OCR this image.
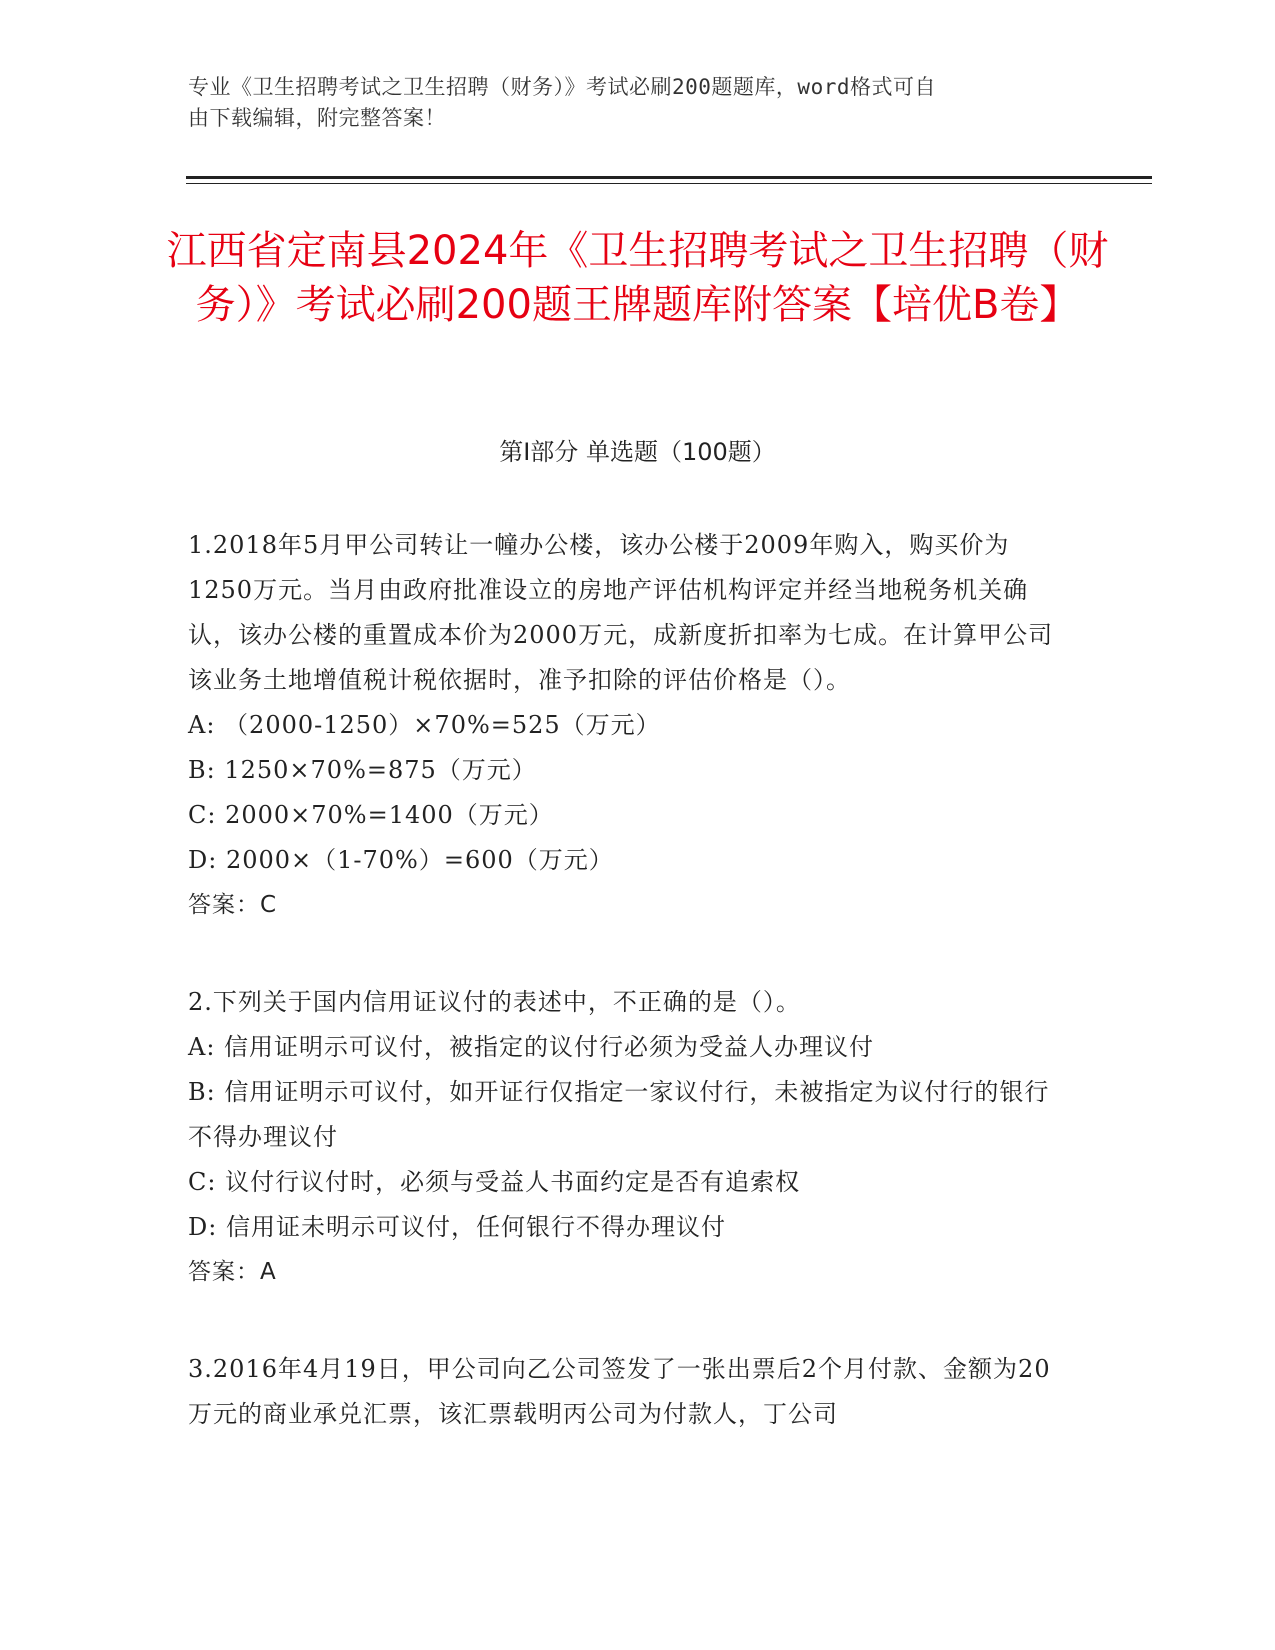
专业《卫生招聘考试之卫生招聘（财务）》考试必刷200题题库，word格式可自
由下载编辑，附完整答案！
江西省定南县2024年《卫生招聘考试之卫生招聘（财务）》考试必刷200题王牌题库附答案【培优B卷】
第Ⅰ部分 单选题（100题）

1.2018年5月甲公司转让一幢办公楼，该办公楼于2009年购入，购买价为1250万元。当月由政府批准设立的房地产评估机构评定并经当地税务机关确认，该办公楼的重置成本价为2000万元，成新度折扣率为七成。在计算甲公司该业务土地增值税计税依据时，准予扣除的评估价格是（）。

A: （2000-1250）×70%=525（万元）

B: 1250×70%=875（万元）

C: 2000×70%=1400（万元）

D: 2000×（1-70%）=600（万元）

答案：C

2.下列关于国内信用证议付的表述中，不正确的是（）。

A: 信用证明示可议付，被指定的议付行必须为受益人办理议付

B: 信用证明示可议付，如开证行仅指定一家议付行，未被指定为议付行的银行不得办理议付

C: 议付行议付时，必须与受益人书面约定是否有追索权

D: 信用证未明示可议付，任何银行不得办理议付

答案：A

3.2016年4月19日，甲公司向乙公司签发了一张出票后2个月付款、金额为20万元的商业承兑汇票，该汇票载明丙公司为付款人，丁公司
